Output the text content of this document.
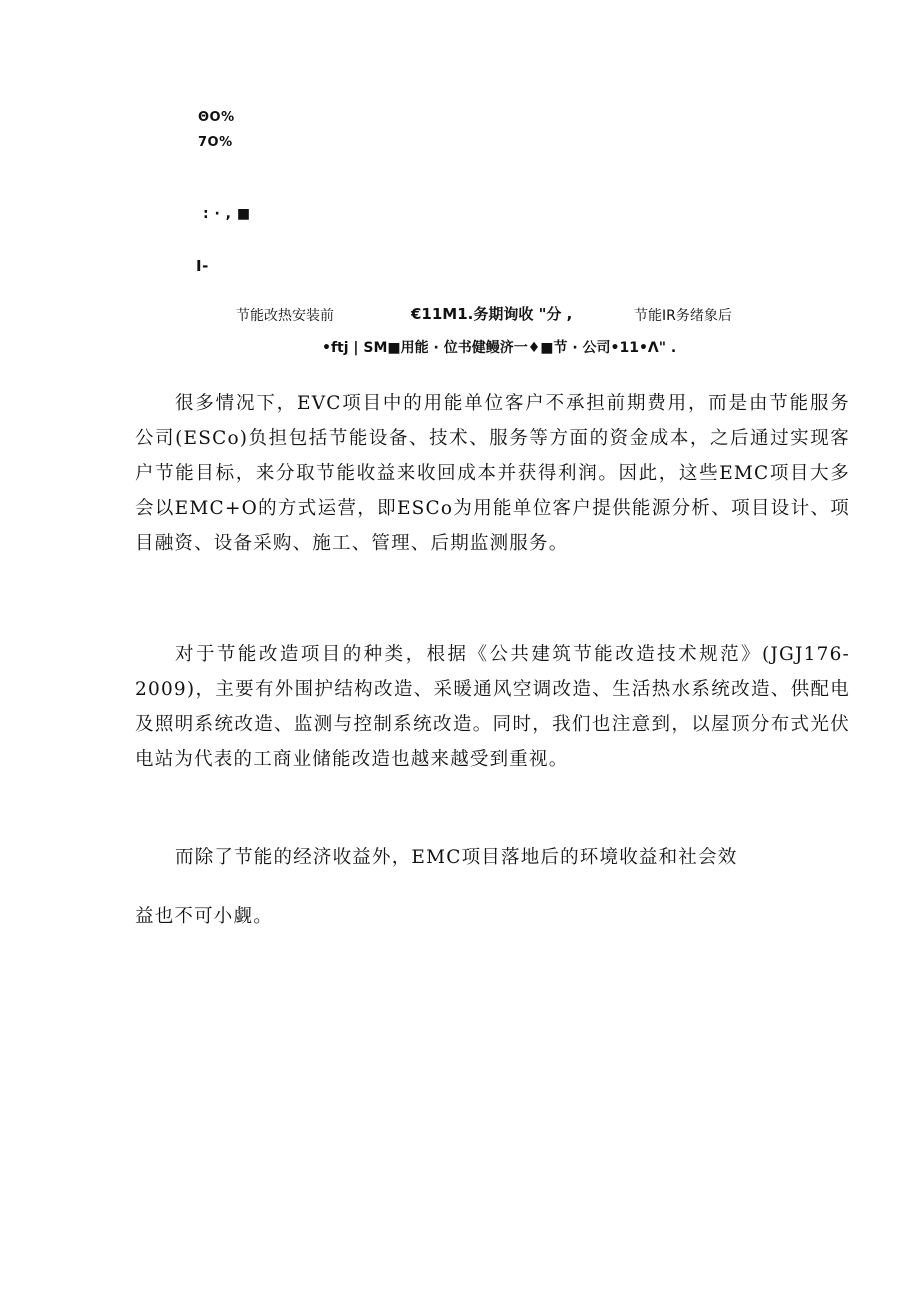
ΘO%
7O%
: · , ■
I-
节能改热安装前	€11M1.务期询收 "分 ,	节能IR务绪象后
•ftj | SM■用能 · 位书健鳗济一♦■节 · 公司•11•Λ" .

很多情况下，EVC项目中的用能单位客户不承担前期费用，而是由节能服务公司(ESCo)负担包括节能设备、技术、服务等方面的资金成本，之后通过实现客户节能目标，来分取节能收益来收回成本并获得利润。因此，这些EMC项目大多会以EMC+O的方式运营，即ESCo为用能单位客户提供能源分析、项目设计、项目融资、设备采购、施工、管理、后期监测服务。

对于节能改造项目的种类，根据《公共建筑节能改造技术规范》(JGJ176-2009)，主要有外围护结构改造、采暖通风空调改造、生活热水系统改造、供配电及照明系统改造、监测与控制系统改造。同时，我们也注意到，以屋顶分布式光伏电站为代表的工商业储能改造也越来越受到重视。

而除了节能的经济收益外，EMC项目落地后的环境收益和社会效

益也不可小觑。
